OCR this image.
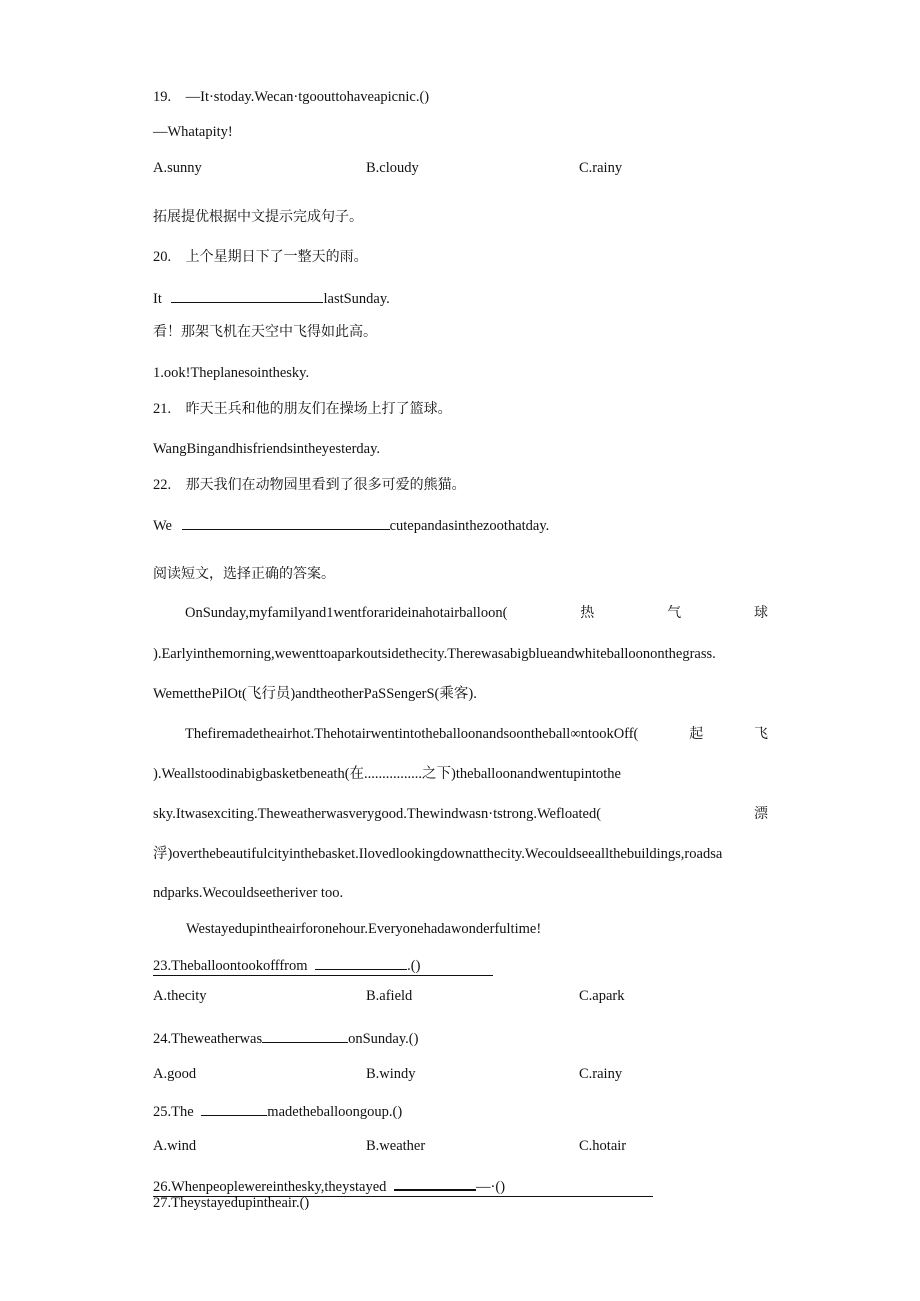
19. —It·stoday.Wecan·tgoouttohaveapicnic.()
—Whatapity!
A.sunny	B.cloudy	C.rainy
拓展提优根据中文提示完成句子。
20. 上个星期日下了一整天的雨。
It	lastSunday.
看！那架飞机在天空中飞得如此高。
1.ook!Theplanesointhesky.
21. 昨天王兵和他的朋友们在操场上打了篮球。
WangBingandhisfriendsintheyesterday.
22. 那天我们在动物园里看到了很多可爱的熊猫。
We	cutepandasinthezoothatday.
阅读短文，选择正确的答案。
OnSunday,myfamilyand1wentforarideinahotairballoon(	热	气	球
).Earlyinthemorning,wewenttoaparkoutsidethecity.Therewasabigblueandwhiteballoononthegrass.
WemetthePilOt(飞行员)andtheotherPaSSengerS(乘客).
Thefiremadetheairhot.Thehotairwentintotheballoonandsoontheball∞ntookOff(	起	飞
).Weallstoodinabigbasketbeneath(在................之下)theballoonandwentupintothe
sky.Itwasexciting.Theweatherwasverygood.Thewindwasn·tstrong.Wefloated(	漂
浮)overthebeautifulcityinthebasket.Ilovedlookingdownatthecity.Wecouldseeallthebuildings,roadsa
ndparks.Wecouldseetheriver too.
Westayedupintheairforonehour.Everyonehadawonderfultime!
23.Theballoontookofffrom	.()
A.thecity	B.afield	C.apark
24.Theweatherwas	onSunday.()
A.good	B.windy	C.rainy
25.The	madetheballoongoup.()
A.wind	B.weather	C.hotair
26.Whenpeoplewereinthesky,theystayed	—·()
27.Theystayedupintheair.()
